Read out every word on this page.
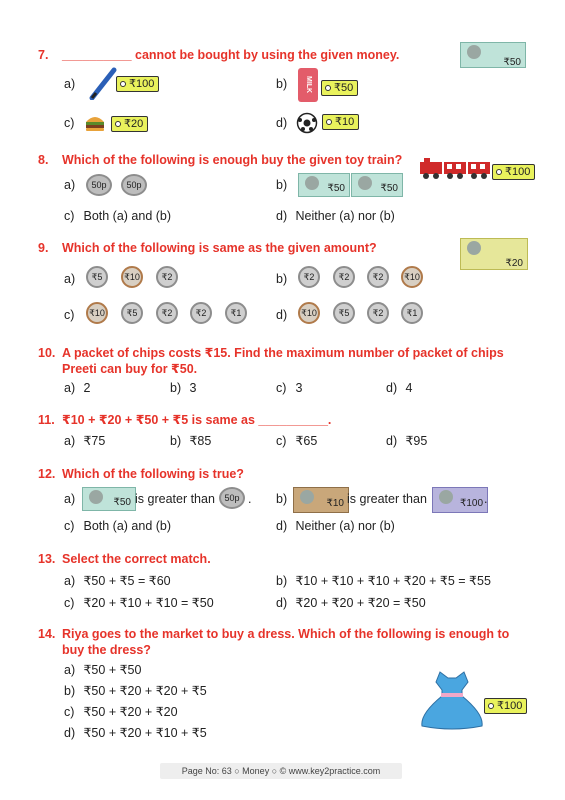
7. __________ cannot be bought by using the given money.
₹50
a)	₹100	b)	MILK	₹50
c)	₹20	d)	₹10
8. Which of the following is enough buy the given toy train?
₹100
a)	50p	50p	b)	₹50	₹50
c) Both (a) and (b)	d) Neither (a) nor (b)
9. Which of the following is same as the given amount?
₹20
a)	₹5	₹10	₹2	b)	₹2	₹2	₹2	₹10
c)	₹10	₹5	₹2	₹2	₹1	d)	₹10	₹5	₹2	₹1
10. A packet of chips costs ₹15. Find the maximum number of packet of chips
Preeti can buy for ₹50.
a) 2	b) 3	c) 3	d) 4
11. ₹10 + ₹20 + ₹50 + ₹5 is same as __________.
a) ₹75	b) ₹85	c) ₹65	d) ₹95
12. Which of the following is true?
a)	₹50 is greater than	50p . b)	₹10 is greater than	₹100 .
c) Both (a) and (b)	d) Neither (a) nor (b)
13. Select the correct match.
a) ₹50 + ₹5 = ₹60	b) ₹10 + ₹10 + ₹10 + ₹20 + ₹5 = ₹55
c) ₹20 + ₹10 + ₹10 = ₹50	d) ₹20 + ₹20 + ₹20 = ₹50
14. Riya goes to the market to buy a dress. Which of the following is enough to
buy the dress?
a) ₹50 + ₹50
b) ₹50 + ₹20 + ₹20 + ₹5
c) ₹50 + ₹20 + ₹20
d) ₹50 + ₹20 + ₹10 + ₹5
₹100
Page No: 63 ○ Money ○ © www.key2practice.com
